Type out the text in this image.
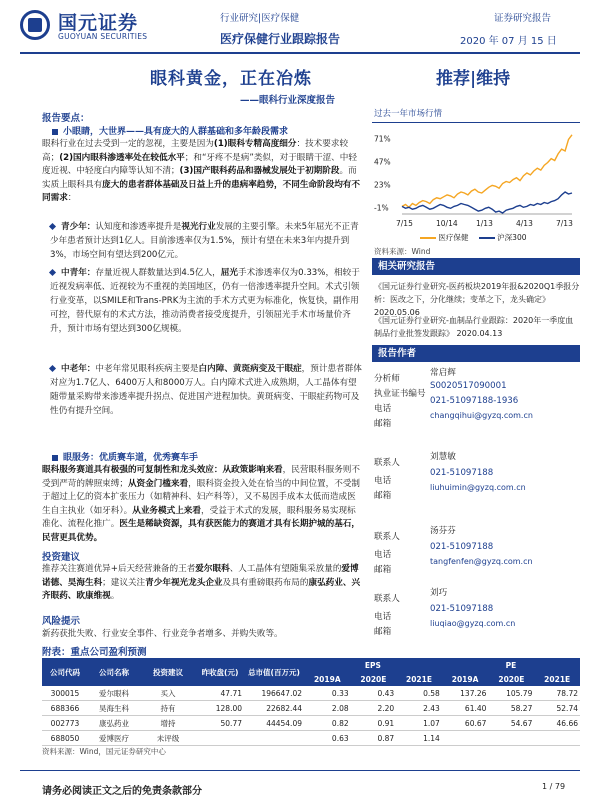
国元证券
GUOYUAN SECURITIES
行业研究|医疗保健	证券研究报告
医疗保健行业跟踪报告	2020 年 07 月 15 日
眼科黄金，正在冶炼	推荐|维持
——眼科行业深度报告
报告要点：
小眼睛，大世界——具有庞大的人群基础和多年龄段需求
眼科行业在过去受到一定的忽视，主要是因为(1)眼科专精高度细分：技术要求较高；(2)国内眼科渗透率处在较低水平；和“牙疼不是病”类似，对于眼睛干涩、中轻度近视、中轻度白内障等认知不清；(3)国产眼科药品和器械发展处于初期阶段。而实质上眼科具有庞大的患者群体基础及日益上升的患病率趋势，不同生命阶段均有不同需求：
青少年：认知度和渗透率提升是视光行业发展的主要引擎。未来5年屈光不正青少年患者预计达到1亿人。目前渗透率仅为1.5%，预计有望在未来3年内提升到3%，市场空间有望达到200亿元。
中青年：存量近视人群数量达到4.5亿人，屈光手术渗透率仅为0.33%，相较于近视发病率低、近视较为不重视的美国地区，仍有一倍渗透率提升空间。术式引领行业变革，以SMILE和Trans-PRK为主流的手术方式更为标准化，恢复快，副作用可控，替代原有的术式方法，推动消费者接受度提升，引领屈光手术市场量价齐升，预计市场有望达到300亿规模。
中老年：中老年常见眼科疾病主要是白内障、黄斑病变及干眼症，预计患者群体对应为1.7亿人、6400万人和8000万人。白内障术式进入成熟期，人工晶体有望随带量采购带来渗透率提升拐点、促进国产进程加快。黄斑病变、干眼症药物可及性仍有提升空间。
眼服务：优质赛车道，优秀赛车手
眼科服务赛道具有极强的可复制性和龙头效应：从政策影响来看，民营眼科服务则不受到严苛的牌照束缚；从资金门槛来看，眼科资金投入处在恰当的中间位置，不受制于超过上亿的资本扩张压力（如精神科、妇产科等），又不易因手成本太低而造成医生自主执业（如牙科）。从业务模式上来看，受益于术式的发展，眼科服务易实现标准化、流程化推广。医生是稀缺资源，具有获医能力的赛道才具有长期护城的基石，民营更具优势。
投资建议
推荐关注赛道优异+后天经营兼备的王者爱尔眼科、人工晶体有望随集采放量的爱博诺德、昊海生科；建议关注青少年视光龙头企业及具有重磅眼药布局的康弘药业、兴齐眼药、欧康维视。
风险提示
新药获批失败、行业安全事件、行业竞争者增多、并购失败等。
过去一年市场行情
71%
47%
23%
-1%
7/15	10/14 1/13	4/13	7/13
医疗保健	沪深300
资料来源：Wind
相关研究报告
《国元证券行业研究-医药板块2019年报&2020Q1季报分析：医改之下，分化继续；变革之下，龙头确定》 2020.05.06
《国元证券行业研究-血制品行业跟踪：2020年一季度血制品行业批签发跟踪》 2020.04.13
报告作者
分析师
常启辉
执业证书编号
S0020517090001
电话
021-51097188-1936
邮箱
changqihui@gyzq.com.cn
联系人
刘慧敏
电话
021-51097188
邮箱
liuhuimin@gyzq.com.cn
联系人
汤芬芬
电话
021-51097188
邮箱
tangfenfen@gyzq.com.cn
联系人
刘巧
电话
021-51097188
邮箱
liuqiao@gyzq.com.cn
附表：重点公司盈利预测
公司代码	公司名称	投资建议	昨收盘(元)	总市值(百万元)	EPS			PE		
					2019A	2020E	2021E	2019A	2020E	2021E
300015	爱尔眼科	买入	47.71	196647.02	0.33	0.43	0.58	137.26	105.79	78.72
688366	昊海生科	持有	128.00	22682.44	2.08	2.20	2.43	61.40	58.27	52.74
002773	康弘药业	增持	50.77	44454.09	0.82	0.91	1.07	60.67	54.67	46.66
688050	爱博医疗	未评级			0.63	0.87	1.14			
资料来源：Wind，国元证券研究中心
请务必阅读正文之后的免责条款部分	1 / 79
